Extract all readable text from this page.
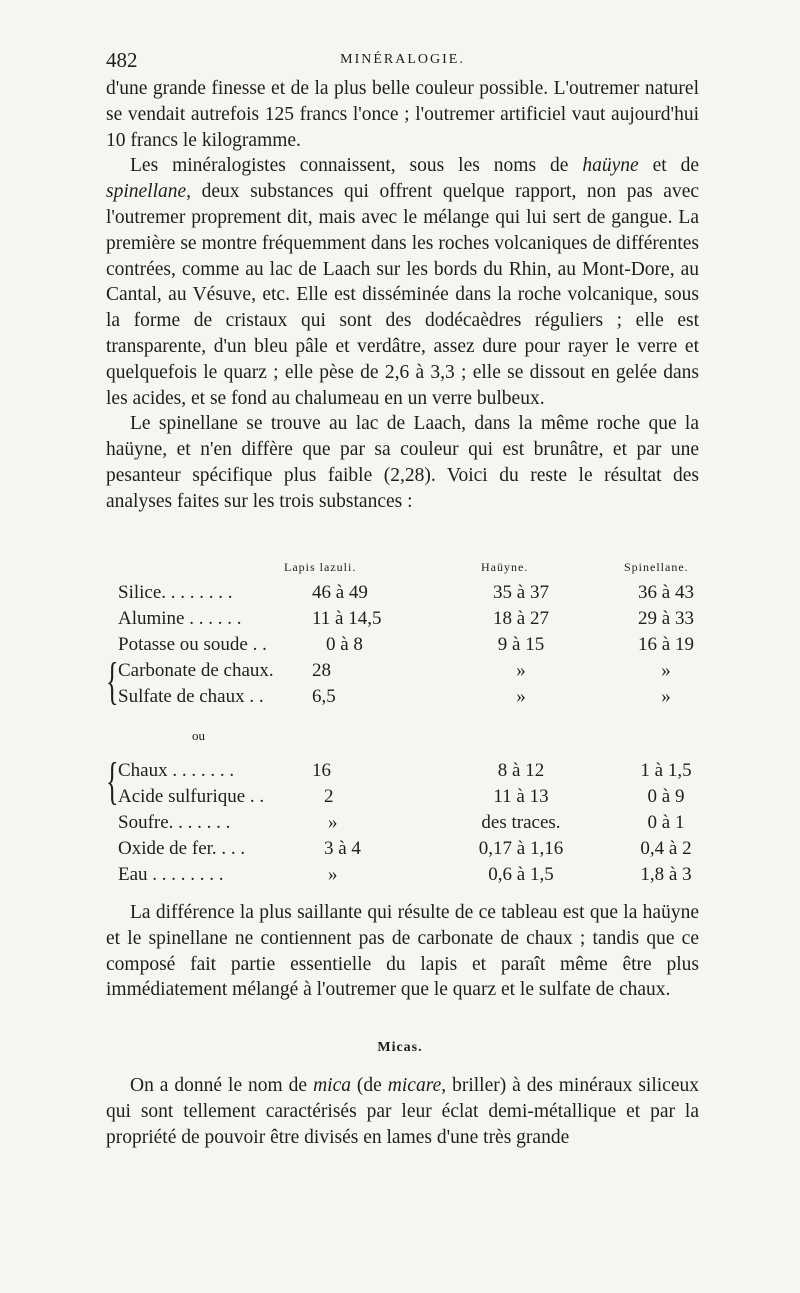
482	MINÉRALOGIE.

d'une grande finesse et de la plus belle couleur possible. L'outremer naturel se vendait autrefois 125 francs l'once ; l'outremer artificiel vaut aujourd'hui 10 francs le kilogramme.

Les minéralogistes connaissent, sous les noms de haüyne et de spinellane, deux substances qui offrent quelque rapport, non pas avec l'outremer proprement dit, mais avec le mélange qui lui sert de gangue. La première se montre fréquemment dans les roches volcaniques de différentes contrées, comme au lac de Laach sur les bords du Rhin, au Mont-Dore, au Cantal, au Vésuve, etc. Elle est disséminée dans la roche volcanique, sous la forme de cristaux qui sont des dodécaèdres réguliers ; elle est transparente, d'un bleu pâle et verdâtre, assez dure pour rayer le verre et quelquefois le quarz ; elle pèse de 2,6 à 3,3 ; elle se dissout en gelée dans les acides, et se fond au chalumeau en un verre bulbeux.

Le spinellane se trouve au lac de Laach, dans la même roche que la haüyne, et n'en diffère que par sa couleur qui est brunâtre, et par une pesanteur spécifique plus faible (2,28). Voici du reste le résultat des analyses faites sur les trois substances :

Lapis lazuli.	Haüyne.	Spinellane.
Silice. . . . . . . .	46 à 49	35 à 37	36 à 43
Alumine . . . . . .	11 à 14,5	18 à 27	29 à 33
Potasse ou soude . .	0 à 8	9 à 15	16 à 19
{ Carbonate de chaux. 28	»	»
Sulfate de chaux . .	6,5	»	»
ou
{ Chaux . . . . . . .	16	8 à 12	1 à 1,5
Acide sulfurique . .	2	11 à 13	0 à 9
Soufre. . . . . . .	»	des traces.	0 à 1
Oxide de fer. . . .	3 à 4	0,17 à 1,16	0,4 à 2
Eau . . . . . . . .	»	0,6 à 1,5	1,8 à 3

La différence la plus saillante qui résulte de ce tableau est que la haüyne et le spinellane ne contiennent pas de carbonate de chaux ; tandis que ce composé fait partie essentielle du lapis et paraît même être plus immédiatement mélangé à l'outremer que le quarz et le sulfate de chaux.

Micas.

On a donné le nom de mica (de micare, briller) à des minéraux siliceux qui sont tellement caractérisés par leur éclat demi-métallique et par la propriété de pouvoir être divisés en lames d'une très grande
